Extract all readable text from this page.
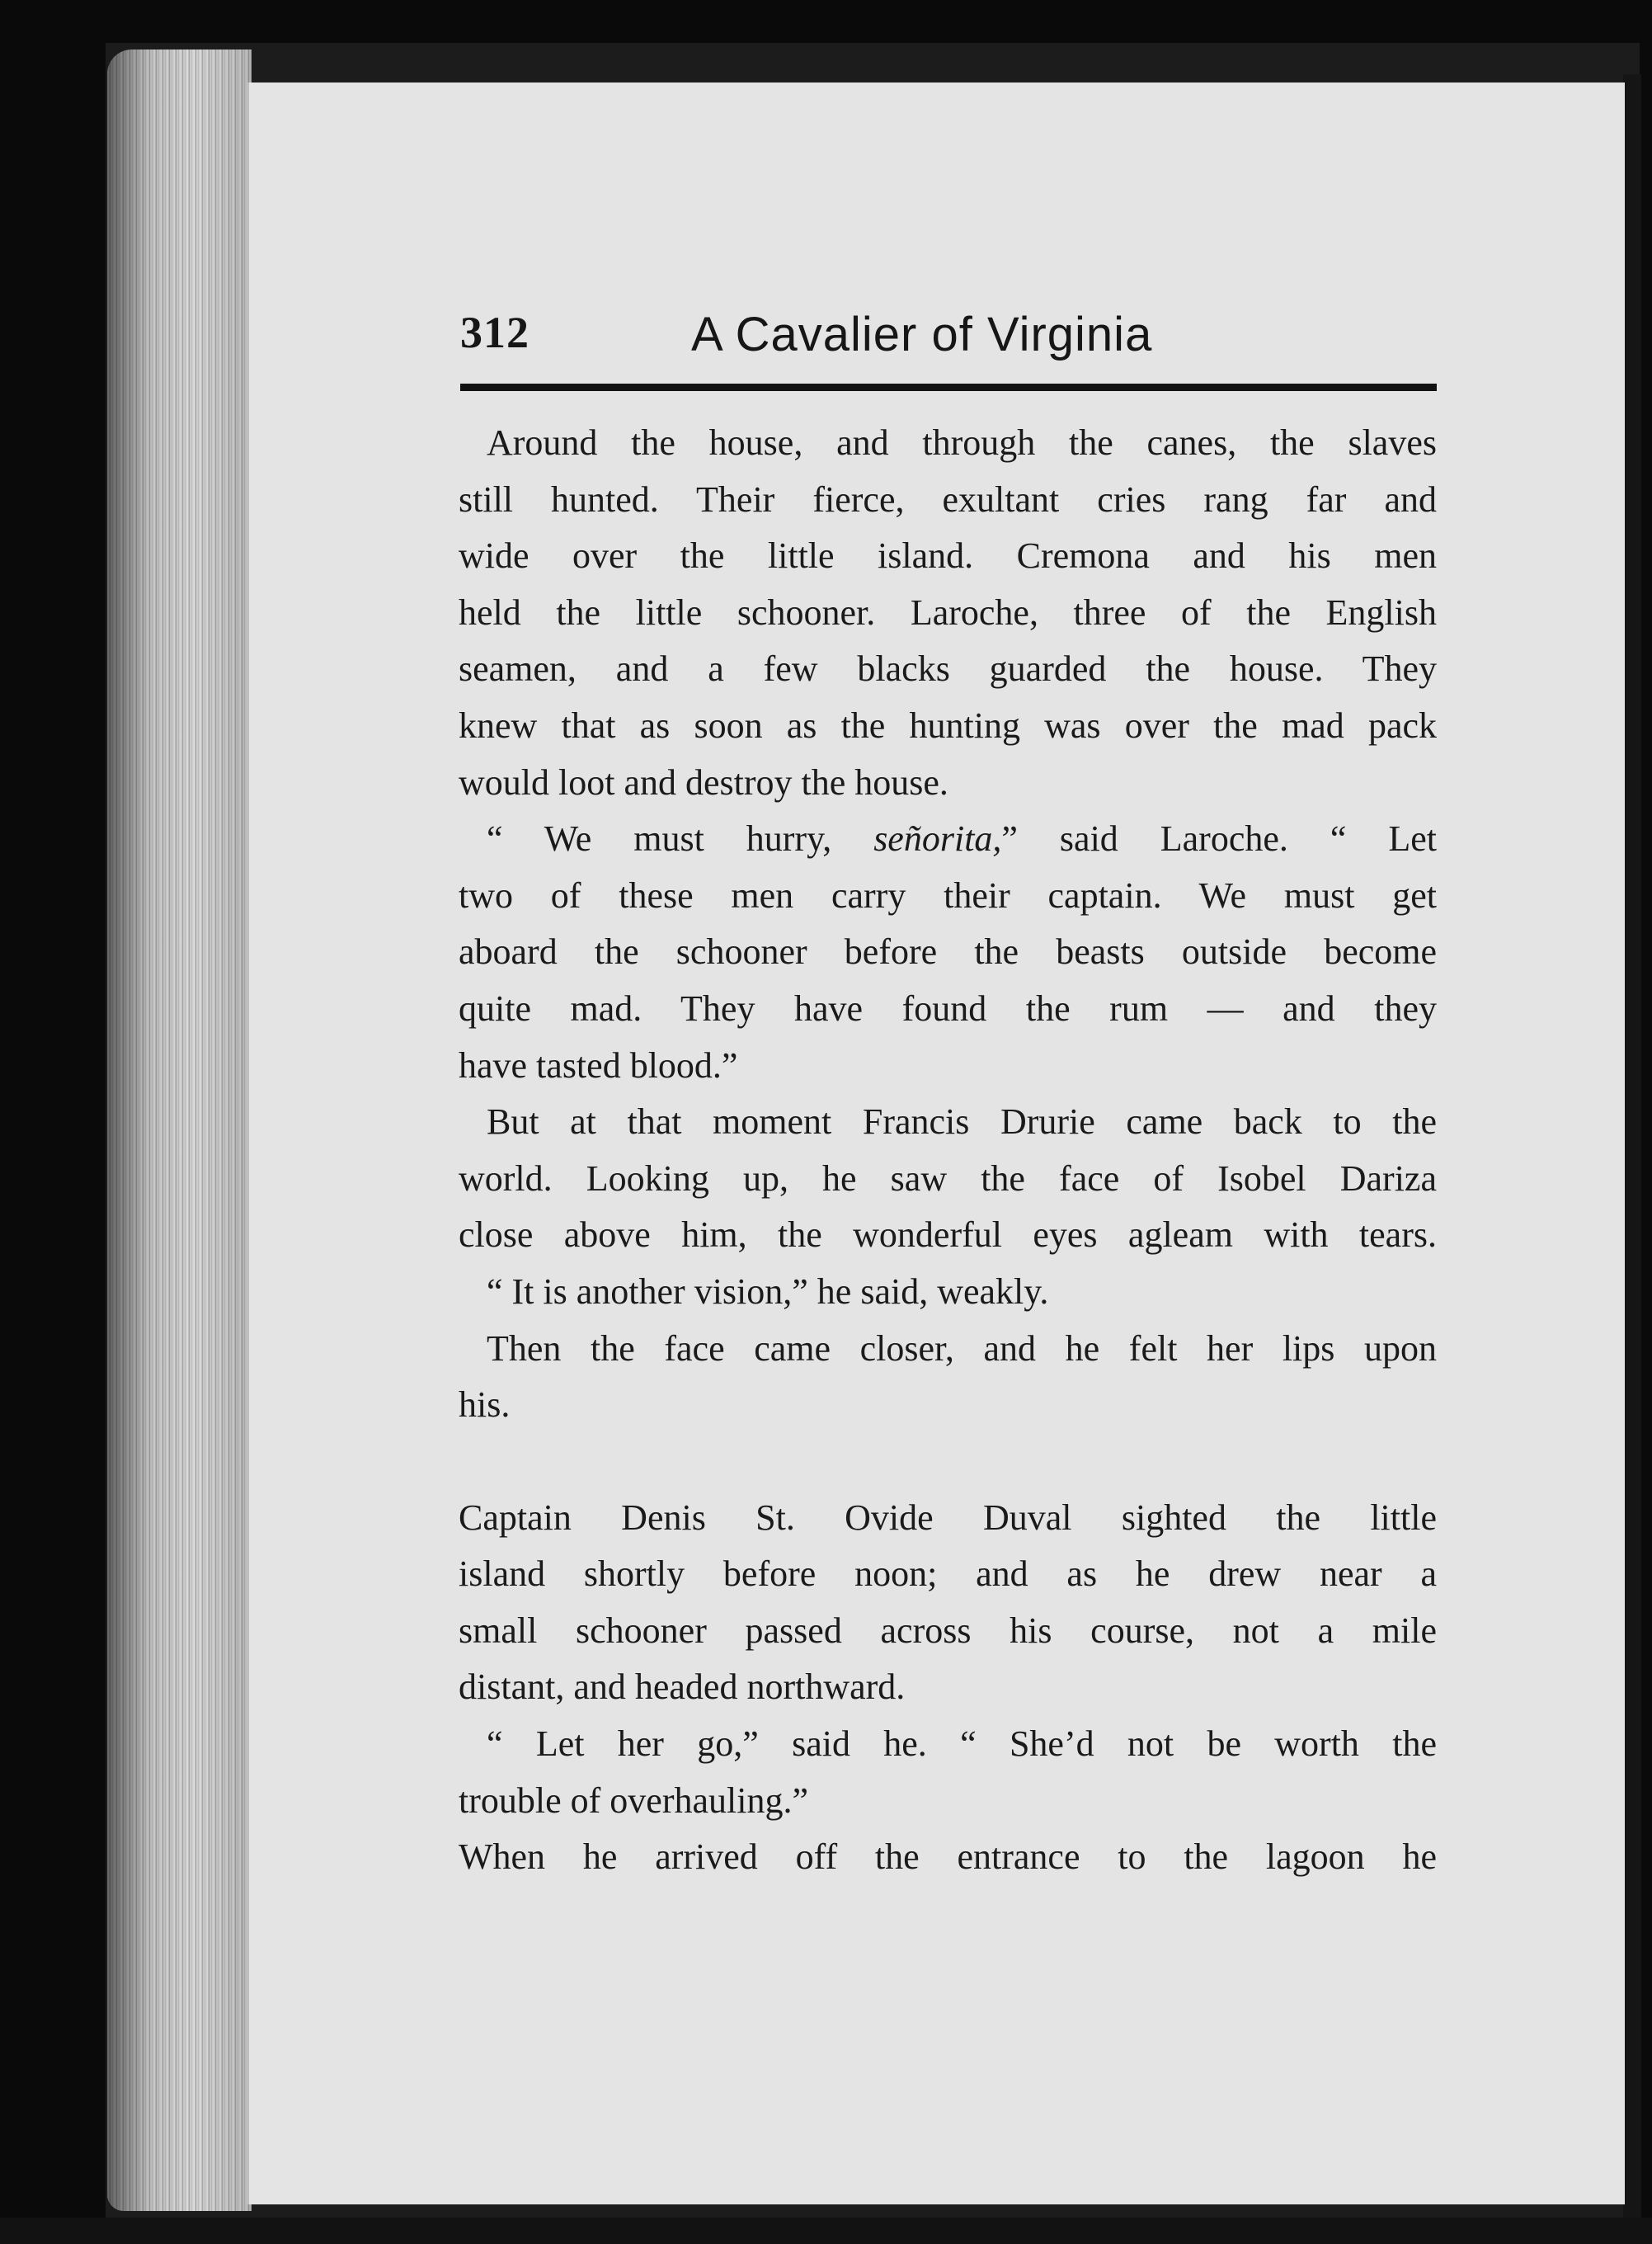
312	A Cavalier of Virginia
Around the house, and through the canes, the slaves
still hunted. Their fierce, exultant cries rang far and
wide over the little island. Cremona and his men
held the little schooner. Laroche, three of the English
seamen, and a few blacks guarded the house. They
knew that as soon as the hunting was over the mad pack
would loot and destroy the house.
“ We must hurry, señorita,” said Laroche. “ Let
two of these men carry their captain. We must get
aboard the schooner before the beasts outside become
quite mad. They have found the rum — and they
have tasted blood.”
But at that moment Francis Drurie came back to the
world. Looking up, he saw the face of Isobel Dariza
close above him, the wonderful eyes agleam with tears.
“ It is another vision,” he said, weakly.
Then the face came closer, and he felt her lips upon
his.
Captain Denis St. Ovide Duval sighted the little
island shortly before noon; and as he drew near a
small schooner passed across his course, not a mile
distant, and headed northward.
“ Let her go,” said he. “ She’d not be worth the
trouble of overhauling.”
When he arrived off the entrance to the lagoon he
